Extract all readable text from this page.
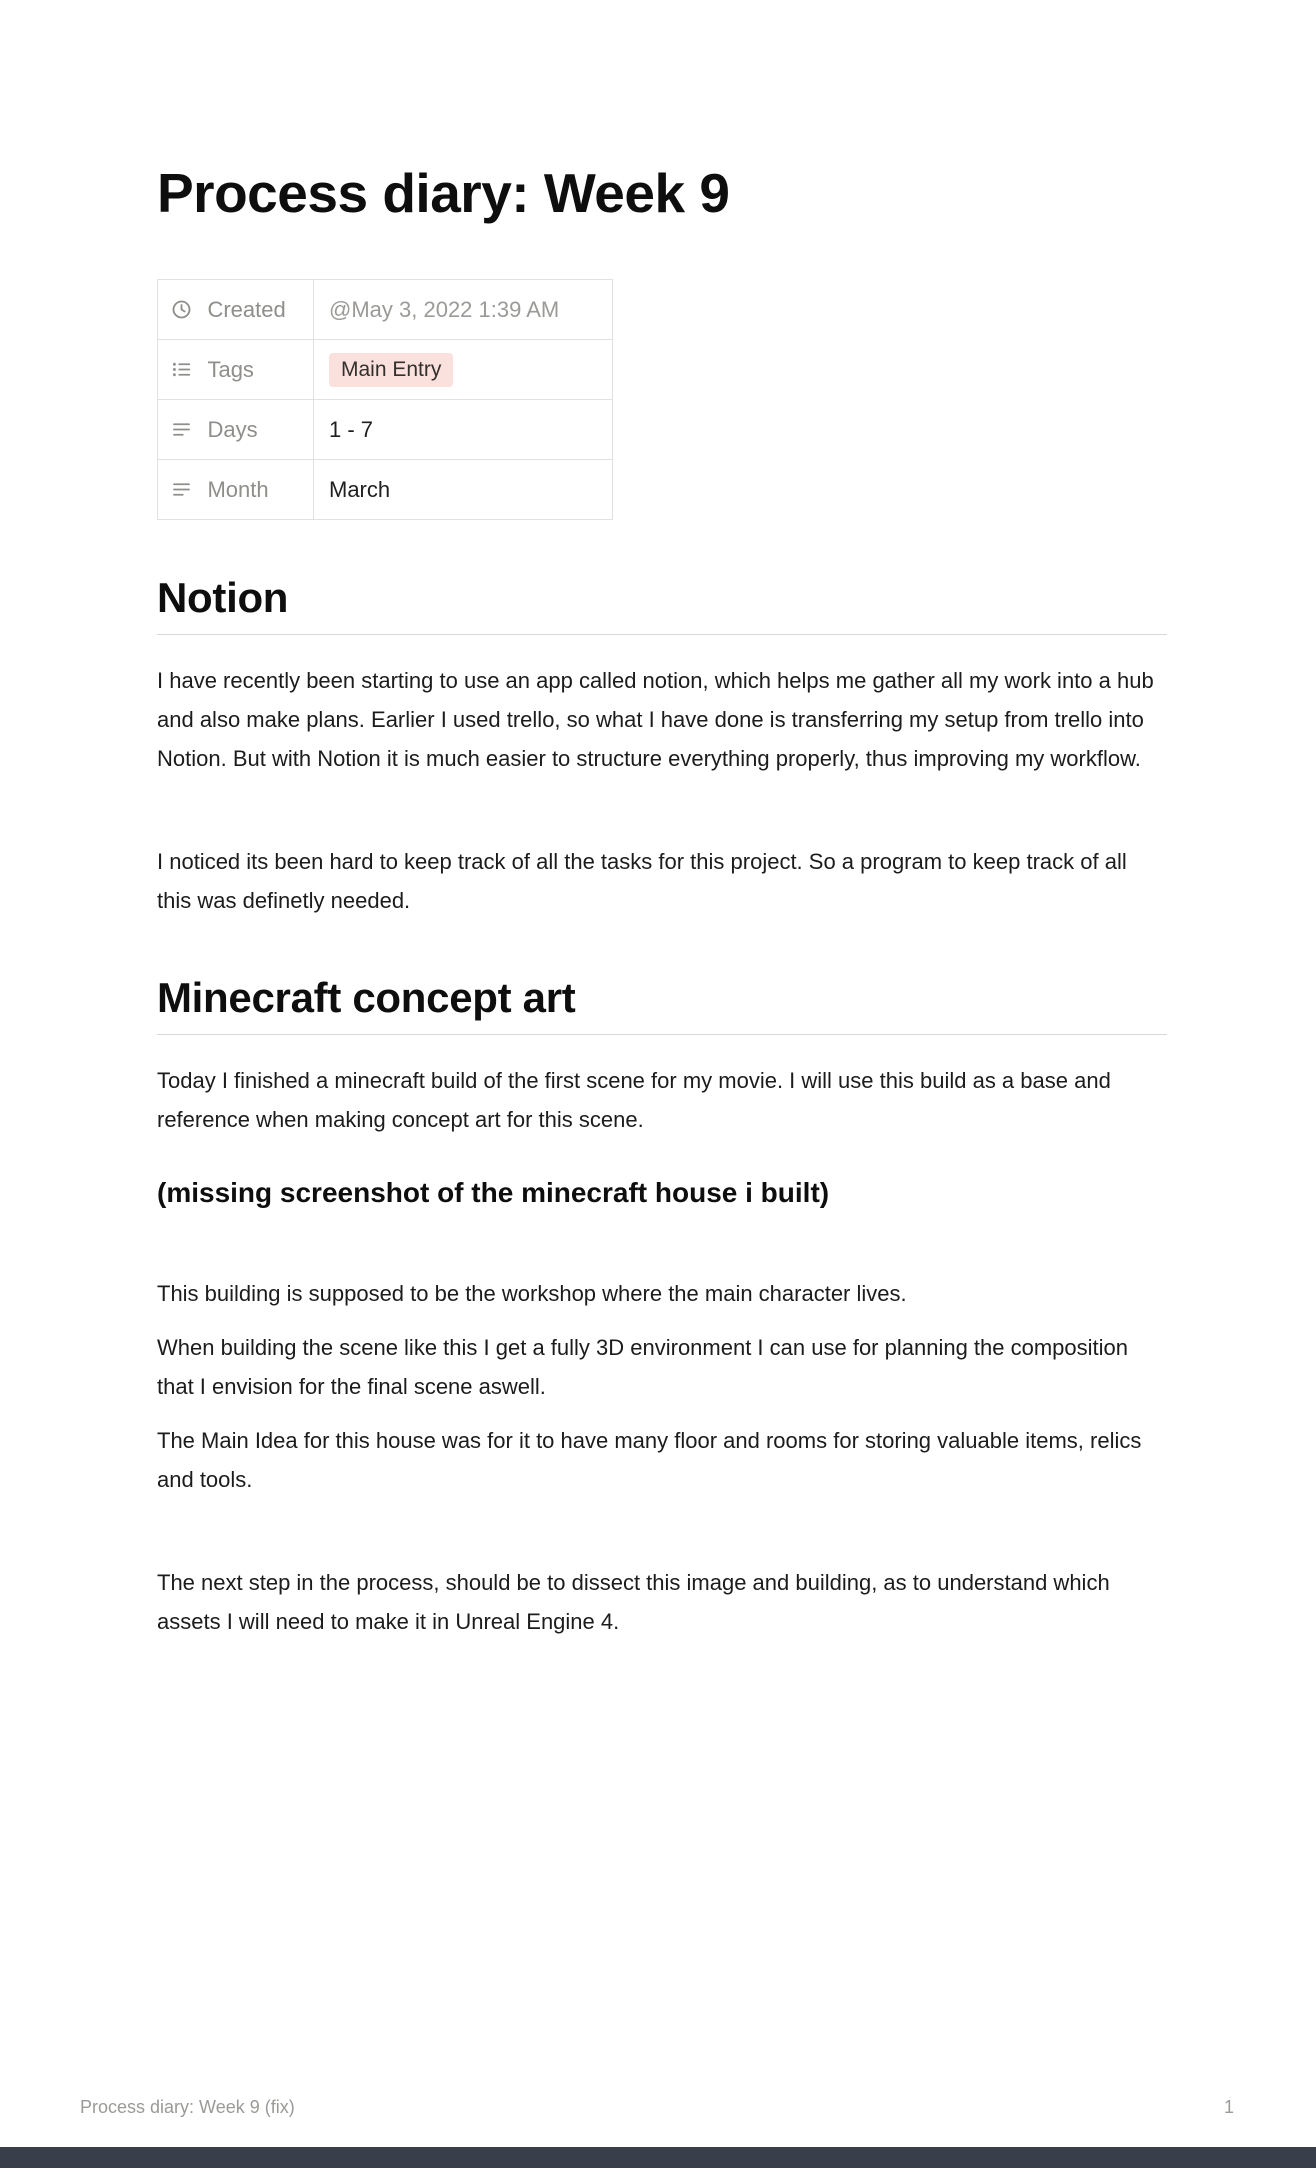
Process diary: Week 9
Created	@May 3, 2022 1:39 AM

Tags	Main Entry

Days	1 - 7

Month	March
Notion

I have recently been starting to use an app called notion, which helps me gather all my work into a hub and also make plans. Earlier I used trello, so what I have done is transferring my setup from trello into Notion. But with Notion it is much easier to structure everything properly, thus improving my workflow.

I noticed its been hard to keep track of all the tasks for this project. So a program to keep track of all this was definetly needed.

Minecraft concept art

Today I finished a minecraft build of the first scene for my movie. I will use this build as a base and reference when making concept art for this scene.

(missing screenshot of the minecraft house i built)

This building is supposed to be the workshop where the main character lives.

When building the scene like this I get a fully 3D environment I can use for planning the composition that I envision for the final scene aswell.

The Main Idea for this house was for it to have many floor and rooms for storing valuable items, relics and tools.

The next step in the process, should be to dissect this image and building, as to understand which assets I will need to make it in Unreal Engine 4.

Process diary: Week 9 (fix)	1
